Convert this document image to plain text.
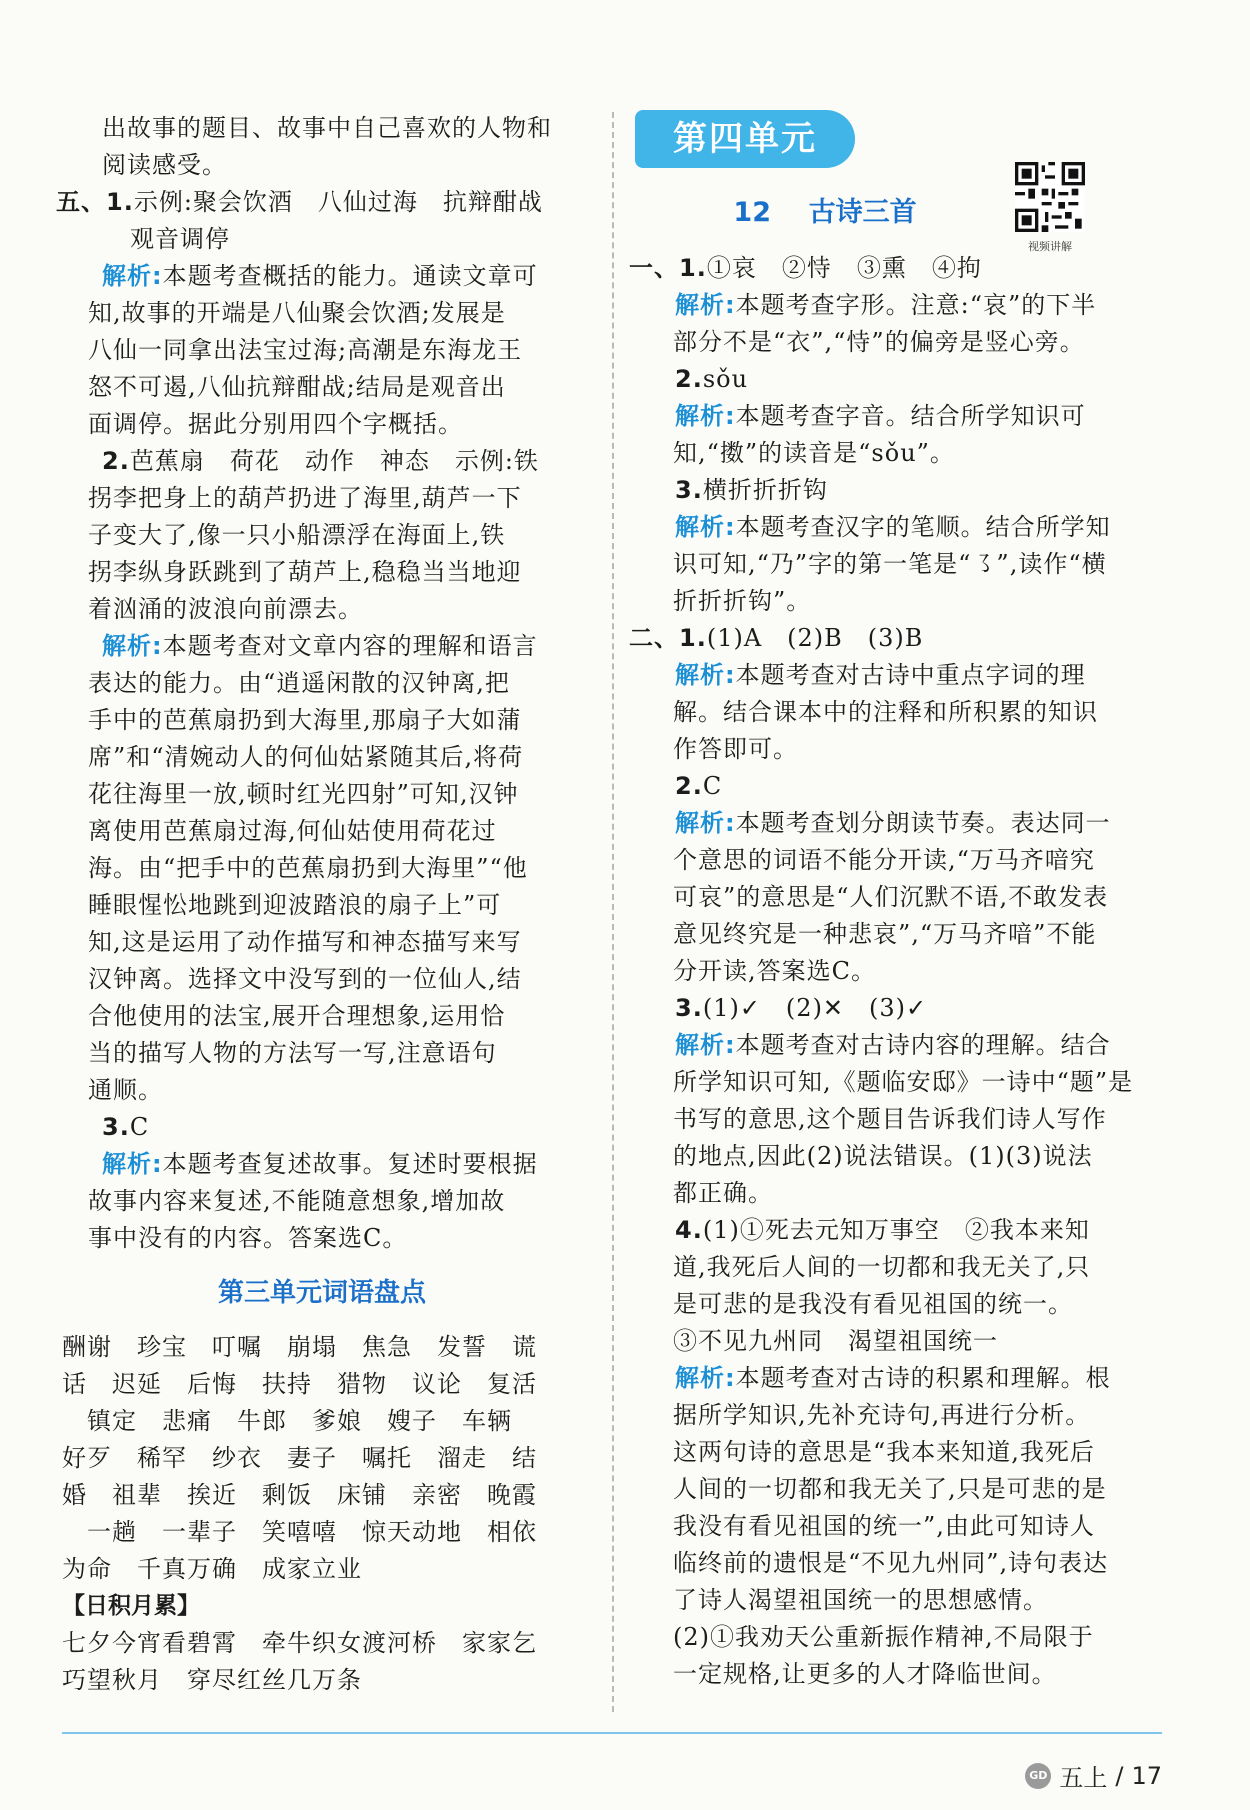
出故事的题目、故事中自己喜欢的人物和
阅读感受。
五、1.示例:聚会饮酒　八仙过海　抗辩酣战
观音调停
解析:本题考查概括的能力。通读文章可
知,故事的开端是八仙聚会饮酒;发展是
八仙一同拿出法宝过海;高潮是东海龙王
怒不可遏,八仙抗辩酣战;结局是观音出
面调停。据此分别用四个字概括。
2.芭蕉扇　荷花　动作　神态　示例:铁
拐李把身上的葫芦扔进了海里,葫芦一下
子变大了,像一只小船漂浮在海面上,铁
拐李纵身跃跳到了葫芦上,稳稳当当地迎
着汹涌的波浪向前漂去。
解析:本题考查对文章内容的理解和语言
表达的能力。由“逍遥闲散的汉钟离,把
手中的芭蕉扇扔到大海里,那扇子大如蒲
席”和“清婉动人的何仙姑紧随其后,将荷
花往海里一放,顿时红光四射”可知,汉钟
离使用芭蕉扇过海,何仙姑使用荷花过
海。由“把手中的芭蕉扇扔到大海里”“他
睡眼惺忪地跳到迎波踏浪的扇子上”可
知,这是运用了动作描写和神态描写来写
汉钟离。选择文中没写到的一位仙人,结
合他使用的法宝,展开合理想象,运用恰
当的描写人物的方法写一写,注意语句
通顺。
3.C
解析:本题考查复述故事。复述时要根据
故事内容来复述,不能随意想象,增加故
事中没有的内容。答案选C。
第三单元词语盘点
酬谢　珍宝　叮嘱　崩塌　焦急　发誓　谎
话　迟延　后悔　扶持　猎物　议论　复活
　镇定　悲痛　牛郎　爹娘　嫂子　车辆
好歹　稀罕　纱衣　妻子　嘱托　溜走　结
婚　祖辈　挨近　剩饭　床铺　亲密　晚霞
　一趟　一辈子　笑嘻嘻　惊天动地　相依
为命　千真万确　成家立业
【日积月累】
七夕今宵看碧霄　牵牛织女渡河桥　家家乞
巧望秋月　穿尽红丝几万条
第四单元
12 古诗三首
视频讲解
一、1.①哀　②恃　③熏　④拘
解析:本题考查字形。注意:“哀”的下半
部分不是“衣”,“恃”的偏旁是竖心旁。
2.sǒu
解析:本题考查字音。结合所学知识可
知,“擞”的读音是“sǒu”。
3.横折折折钩
解析:本题考查汉字的笔顺。结合所学知
识可知,“乃”字的第一笔是“㇌”,读作“横
折折折钩”。
二、1.(1)A　(2)B　(3)B
解析:本题考查对古诗中重点字词的理
解。结合课本中的注释和所积累的知识
作答即可。
2.C
解析:本题考查划分朗读节奏。表达同一
个意思的词语不能分开读,“万马齐喑究
可哀”的意思是“人们沉默不语,不敢发表
意见终究是一种悲哀”,“万马齐喑”不能
分开读,答案选C。
3.(1)✓　(2)✕　(3)✓
解析:本题考查对古诗内容的理解。结合
所学知识可知,《题临安邸》一诗中“题”是
书写的意思,这个题目告诉我们诗人写作
的地点,因此(2)说法错误。(1)(3)说法
都正确。
4.(1)①死去元知万事空　②我本来知
道,我死后人间的一切都和我无关了,只
是可悲的是我没有看见祖国的统一。
③不见九州同　渴望祖国统一
解析:本题考查对古诗的积累和理解。根
据所学知识,先补充诗句,再进行分析。
这两句诗的意思是“我本来知道,我死后
人间的一切都和我无关了,只是可悲的是
我没有看见祖国的统一”,由此可知诗人
临终前的遗恨是“不见九州同”,诗句表达
了诗人渴望祖国统一的思想感情。
(2)①我劝天公重新振作精神,不局限于
一定规格,让更多的人才降临世间。
GD 五上 / 17
